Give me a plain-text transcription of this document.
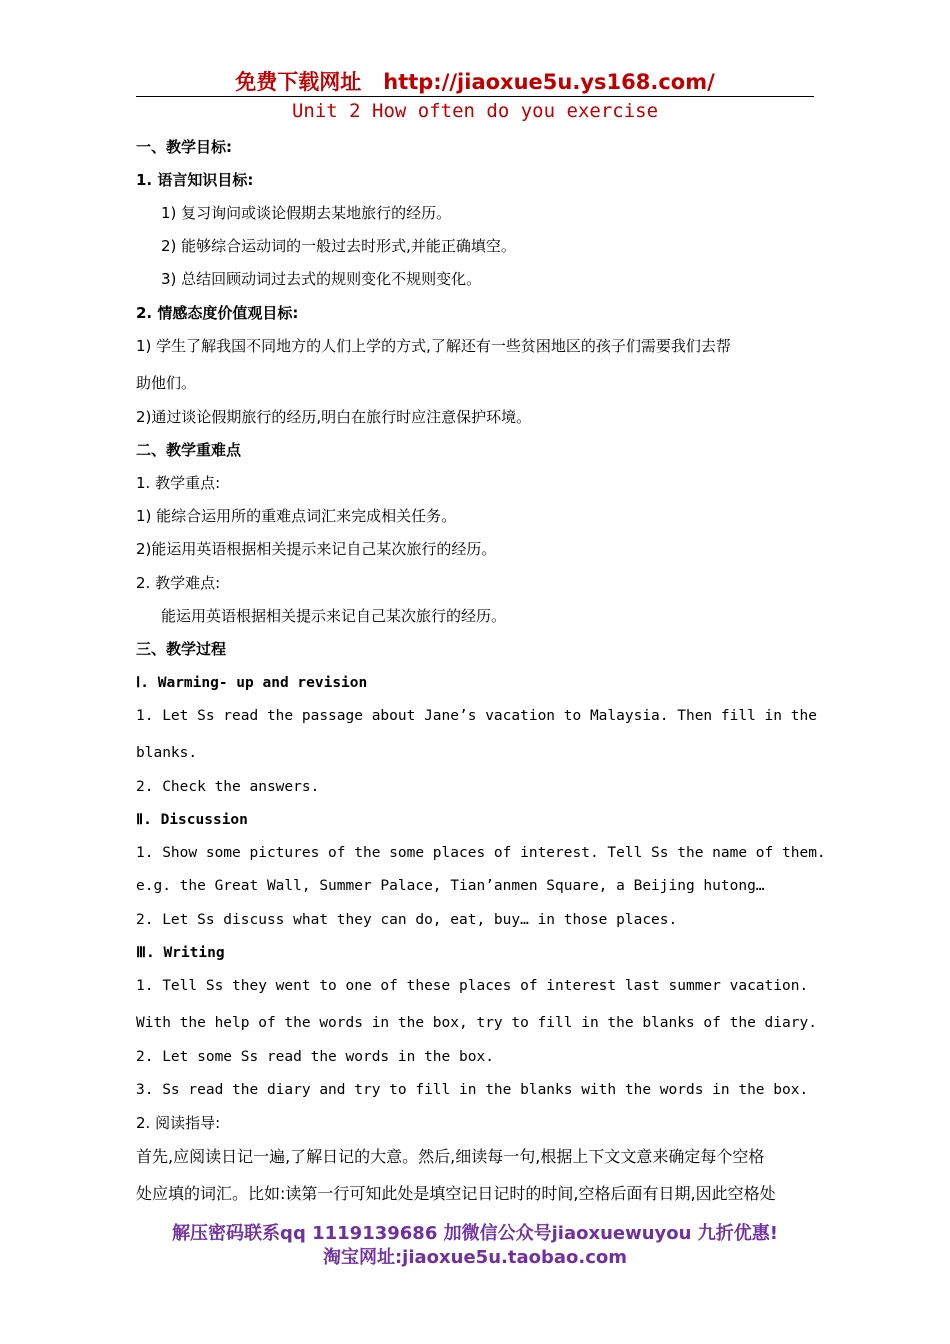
免费下载网址 http://jiaoxue5u.ys168.com/
Unit 2 How often do you exercise
一、教学目标:
1. 语言知识目标:
1) 复习询问或谈论假期去某地旅行的经历。
2) 能够综合运动词的一般过去时形式,并能正确填空。
3) 总结回顾动词过去式的规则变化不规则变化。
2. 情感态度价值观目标:
1) 学生了解我国不同地方的人们上学的方式,了解还有一些贫困地区的孩子们需要我们去帮
助他们。
2)通过谈论假期旅行的经历,明白在旅行时应注意保护环境。
二、教学重难点
1. 教学重点:
1) 能综合运用所的重难点词汇来完成相关任务。
2)能运用英语根据相关提示来记自己某次旅行的经历。
2. 教学难点:
能运用英语根据相关提示来记自己某次旅行的经历。
三、教学过程
Ⅰ. Warming- up and revision
1. Let Ss read the passage about Jane’s vacation to Malaysia. Then fill in the
blanks.
2. Check the answers.
Ⅱ. Discussion
1. Show some pictures of the some places of interest. Tell Ss the name of them.
e.g. the Great Wall, Summer Palace, Tian’anmen Square, a Beijing hutong…
2. Let Ss discuss what they can do, eat, buy… in those places.
Ⅲ. Writing
1. Tell Ss they went to one of these places of interest last summer vacation.
With the help of the words in the box, try to fill in the blanks of the diary.
2. Let some Ss read the words in the box.
3. Ss read the diary and try to fill in the blanks with the words in the box.
2. 阅读指导:
首先,应阅读日记一遍,了解日记的大意。然后,细读每一句,根据上下文文意来确定每个空格
处应填的词汇。比如:读第一行可知此处是填空记日记时的时间,空格后面有日期,因此空格处
解压密码联系qq 1119139686 加微信公众号jiaoxuewuyou 九折优惠!
淘宝网址:jiaoxue5u.taobao.com
